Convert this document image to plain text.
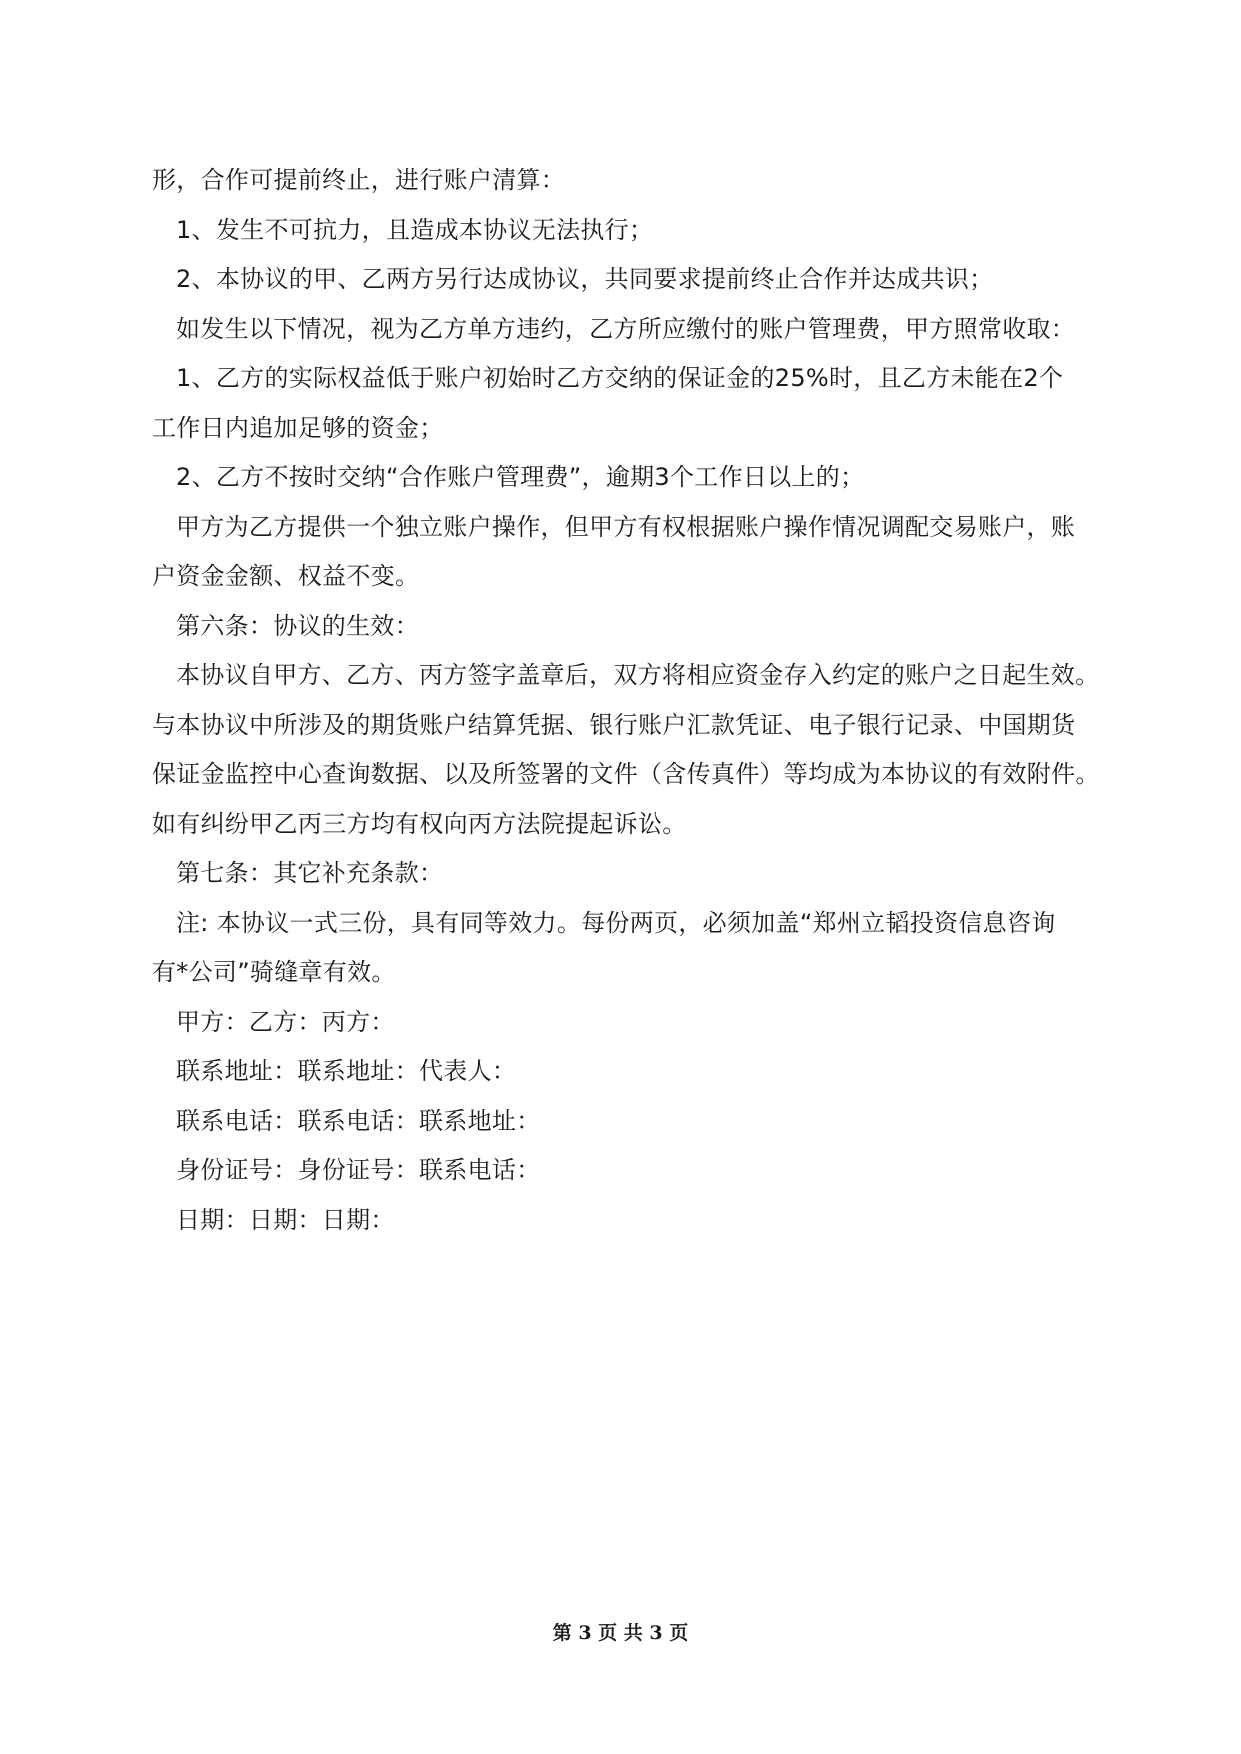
形，合作可提前终止，进行账户清算：
1、发生不可抗力，且造成本协议无法执行；
2、本协议的甲、乙两方另行达成协议，共同要求提前终止合作并达成共识；
如发生以下情况，视为乙方单方违约，乙方所应缴付的账户管理费，甲方照常收取：
1、乙方的实际权益低于账户初始时乙方交纳的保证金的25%时，且乙方未能在2个
工作日内追加足够的资金；
2、乙方不按时交纳“合作账户管理费”，逾期3个工作日以上的；
甲方为乙方提供一个独立账户操作，但甲方有权根据账户操作情况调配交易账户，账
户资金金额、权益不变。
第六条：协议的生效：
本协议自甲方、乙方、丙方签字盖章后，双方将相应资金存入约定的账户之日起生效。
与本协议中所涉及的期货账户结算凭据、银行账户汇款凭证、电子银行记录、中国期货
保证金监控中心查询数据、以及所签署的文件（含传真件）等均成为本协议的有效附件。
如有纠纷甲乙丙三方均有权向丙方法院提起诉讼。
第七条：其它补充条款：
注: 本协议一式三份，具有同等效力。每份两页，必须加盖“郑州立韬投资信息咨询
有*公司”骑缝章有效。
甲方：乙方：丙方：
联系地址：联系地址：代表人：
联系电话：联系电话：联系地址：
身份证号：身份证号：联系电话：
日期：日期：日期：
第 3 页 共 3 页
